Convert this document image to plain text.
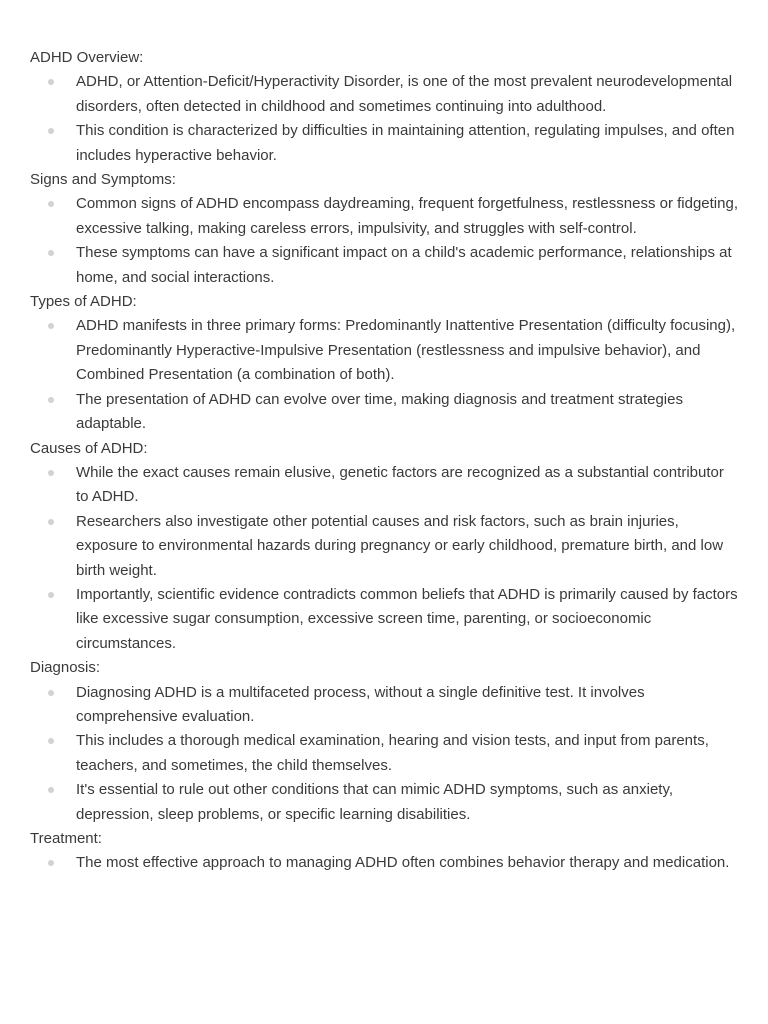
ADHD Overview:
ADHD, or Attention-Deficit/Hyperactivity Disorder, is one of the most prevalent neurodevelopmental disorders, often detected in childhood and sometimes continuing into adulthood.
This condition is characterized by difficulties in maintaining attention, regulating impulses, and often includes hyperactive behavior.
Signs and Symptoms:
Common signs of ADHD encompass daydreaming, frequent forgetfulness, restlessness or fidgeting, excessive talking, making careless errors, impulsivity, and struggles with self-control.
These symptoms can have a significant impact on a child's academic performance, relationships at home, and social interactions.
Types of ADHD:
ADHD manifests in three primary forms: Predominantly Inattentive Presentation (difficulty focusing), Predominantly Hyperactive-Impulsive Presentation (restlessness and impulsive behavior), and Combined Presentation (a combination of both).
The presentation of ADHD can evolve over time, making diagnosis and treatment strategies adaptable.
Causes of ADHD:
While the exact causes remain elusive, genetic factors are recognized as a substantial contributor to ADHD.
Researchers also investigate other potential causes and risk factors, such as brain injuries, exposure to environmental hazards during pregnancy or early childhood, premature birth, and low birth weight.
Importantly, scientific evidence contradicts common beliefs that ADHD is primarily caused by factors like excessive sugar consumption, excessive screen time, parenting, or socioeconomic circumstances.
Diagnosis:
Diagnosing ADHD is a multifaceted process, without a single definitive test. It involves comprehensive evaluation.
This includes a thorough medical examination, hearing and vision tests, and input from parents, teachers, and sometimes, the child themselves.
It's essential to rule out other conditions that can mimic ADHD symptoms, such as anxiety, depression, sleep problems, or specific learning disabilities.
Treatment:
The most effective approach to managing ADHD often combines behavior therapy and medication.
